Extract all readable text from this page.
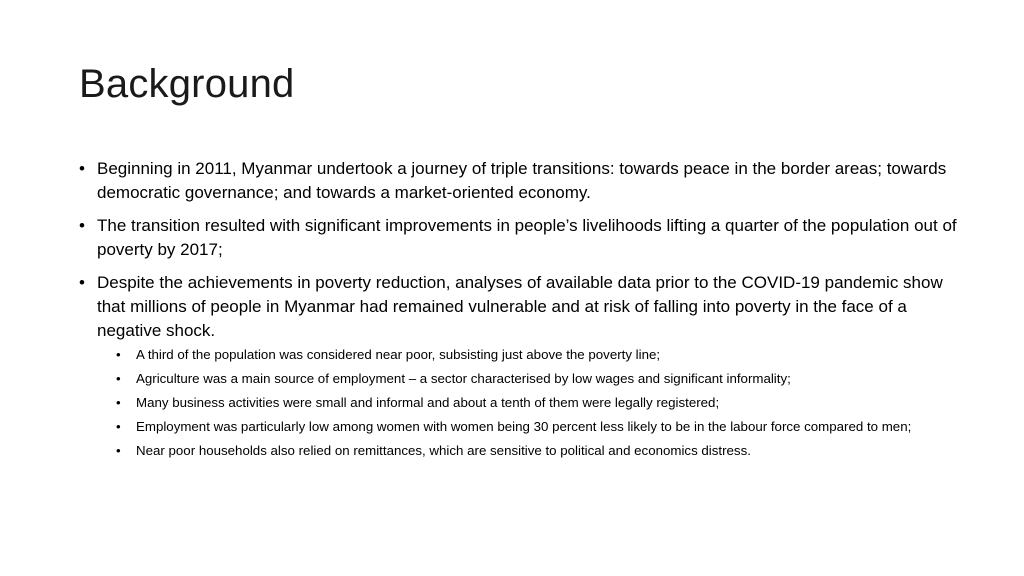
Background
• Beginning in 2011, Myanmar undertook a journey of triple transitions: towards peace in the border areas; towards democratic governance; and towards a market-oriented economy.
• The transition resulted with significant improvements in people’s livelihoods lifting a quarter of the population out of poverty by 2017;
• Despite the achievements in poverty reduction, analyses of available data prior to the COVID-19 pandemic show that millions of people in Myanmar had remained vulnerable and at risk of falling into poverty in the face of a negative shock.
• A third of the population was considered near poor, subsisting just above the poverty line;
• Agriculture was a main source of employment – a sector characterised by low wages and significant informality;
• Many business activities were small and informal and about a tenth of them were legally registered;
• Employment was particularly low among women with women being 30 percent less likely to be in the labour force compared to men;
• Near poor households also relied on remittances, which are sensitive to political and economics distress.
